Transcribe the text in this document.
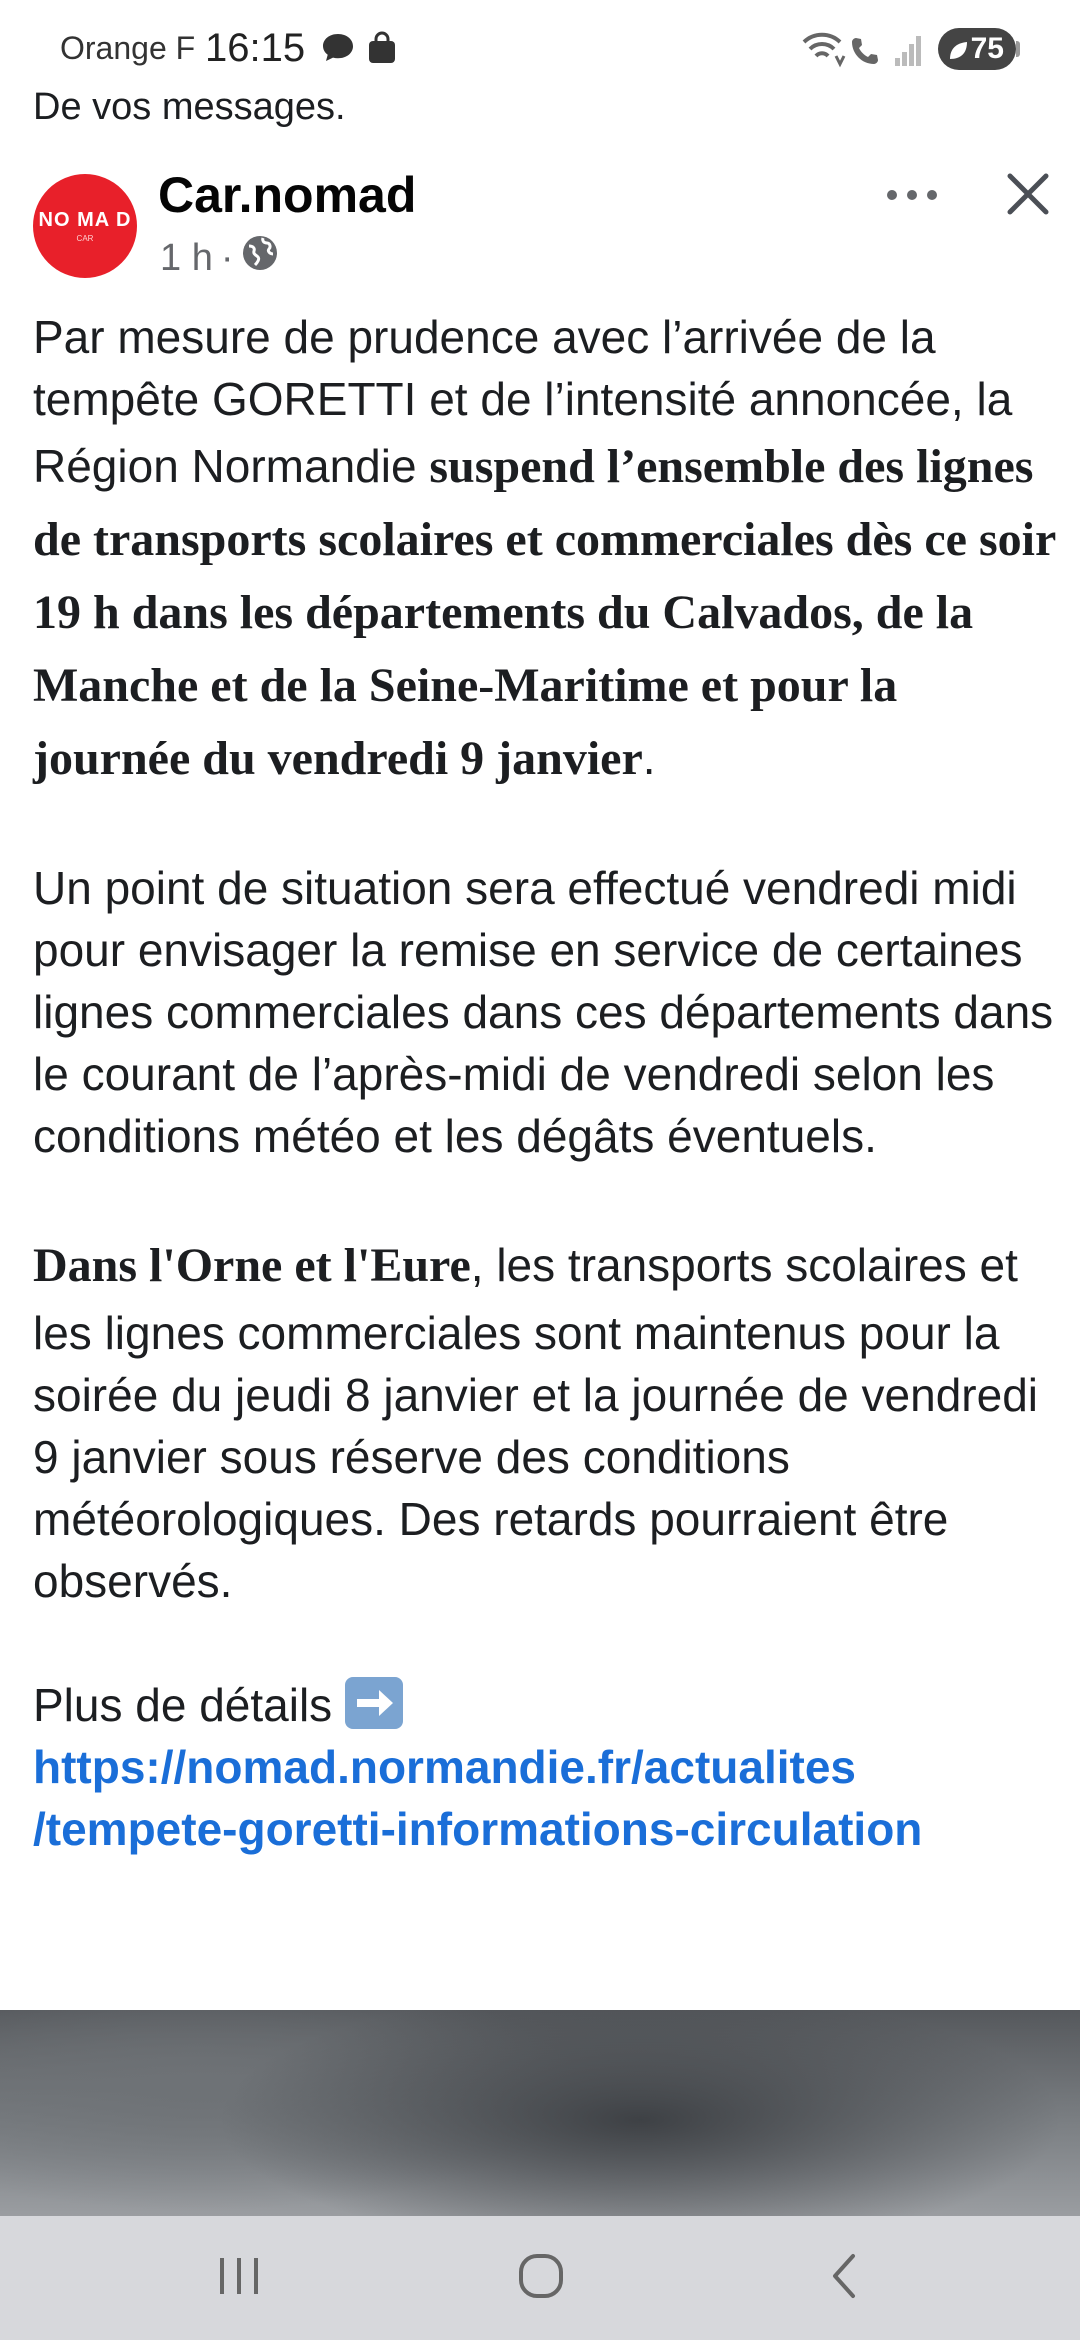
Orange F 16:15	75
De vos messages.
NO MA D
CAR
Car.nomad
1 h ·

Par mesure de prudence avec l’arrivée de la tempête GORETTI et de l’intensité annoncée, la Région Normandie suspend l’ensemble des lignes de transports scolaires et commerciales dès ce soir 19 h dans les départements du Calvados, de la Manche et de la Seine-Maritime et pour la journée du vendredi 9 janvier.

Un point de situation sera effectué vendredi midi pour envisager la remise en service de certaines lignes commerciales dans ces départements dans le courant de l’après-midi de vendredi selon les conditions météo et les dégâts éventuels.

Dans l'Orne et l'Eure, les transports scolaires et les lignes commerciales sont maintenus pour la soirée du jeudi 8 janvier et la journée de vendredi 9 janvier sous réserve des conditions météorologiques. Des retards pourraient être observés.

Plus de détails
https://nomad.normandie.fr/actualites
/tempete-goretti-informations-circulation
